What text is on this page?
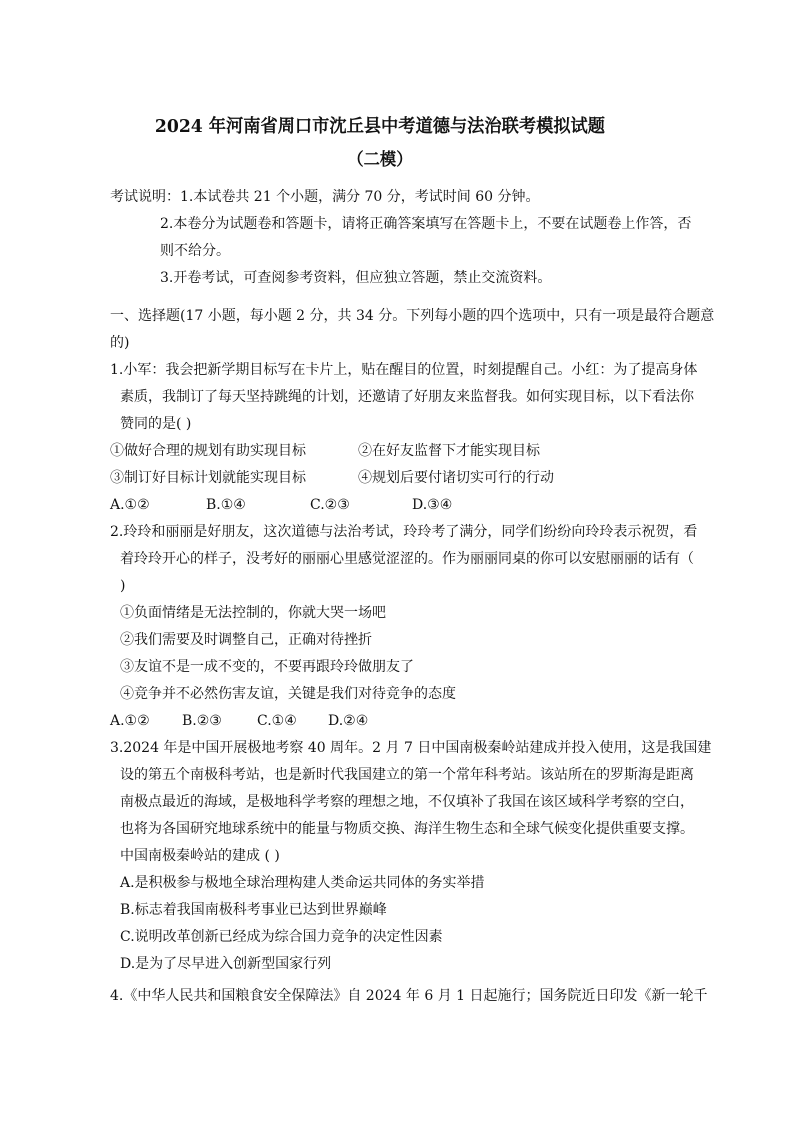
2024 年河南省周口市沈丘县中考道德与法治联考模拟试题
（二模）
考试说明：1.本试卷共 21 个小题，满分 70 分，考试时间 60 分钟。
2.本卷分为试题卷和答题卡，请将正确答案填写在答题卡上，不要在试题卷上作答，否
则不给分。
3.开卷考试，可查阅参考资料，但应独立答题，禁止交流资料。
一、选择题(17 小题，每小题 2 分，共 34 分。下列每小题的四个选项中，只有一项是最符合题意
的)
1.小军：我会把新学期目标写在卡片上，贴在醒目的位置，时刻提醒自己。小红：为了提高身体
素质，我制订了每天坚持跳绳的计划，还邀请了好朋友来监督我。如何实现目标，以下看法你
赞同的是( )
①做好合理的规划有助实现目标	②在好友监督下才能实现目标
③制订好目标计划就能实现目标	④规划后要付诸切实可行的行动
A.①②	B.①④	C.②③	D.③④
2.玲玲和丽丽是好朋友，这次道德与法治考试，玲玲考了满分，同学们纷纷向玲玲表示祝贺，看
着玲玲开心的样子，没考好的丽丽心里感觉涩涩的。作为丽丽同桌的你可以安慰丽丽的话有（
)
①负面情绪是无法控制的，你就大哭一场吧
②我们需要及时调整自己，正确对待挫折
③友谊不是一成不变的，不要再跟玲玲做朋友了
④竞争并不必然伤害友谊，关键是我们对待竞争的态度
A.①② B.②③	C.①④ D.②④
3.2024 年是中国开展极地考察 40 周年。2 月 7 日中国南极秦岭站建成并投入使用，这是我国建
设的第五个南极科考站，也是新时代我国建立的第一个常年科考站。该站所在的罗斯海是距离
南极点最近的海域，是极地科学考察的理想之地，不仅填补了我国在该区域科学考察的空白，
也将为各国研究地球系统中的能量与物质交换、海洋生物生态和全球气候变化提供重要支撑。
中国南极秦岭站的建成 ( )
A.是积极参与极地全球治理构建人类命运共同体的务实举措
B.标志着我国南极科考事业已达到世界巅峰
C.说明改革创新已经成为综合国力竞争的决定性因素
D.是为了尽早进入创新型国家行列
4.《中华人民共和国粮食安全保障法》自 2024 年 6 月 1 日起施行；国务院近日印发《新一轮千
